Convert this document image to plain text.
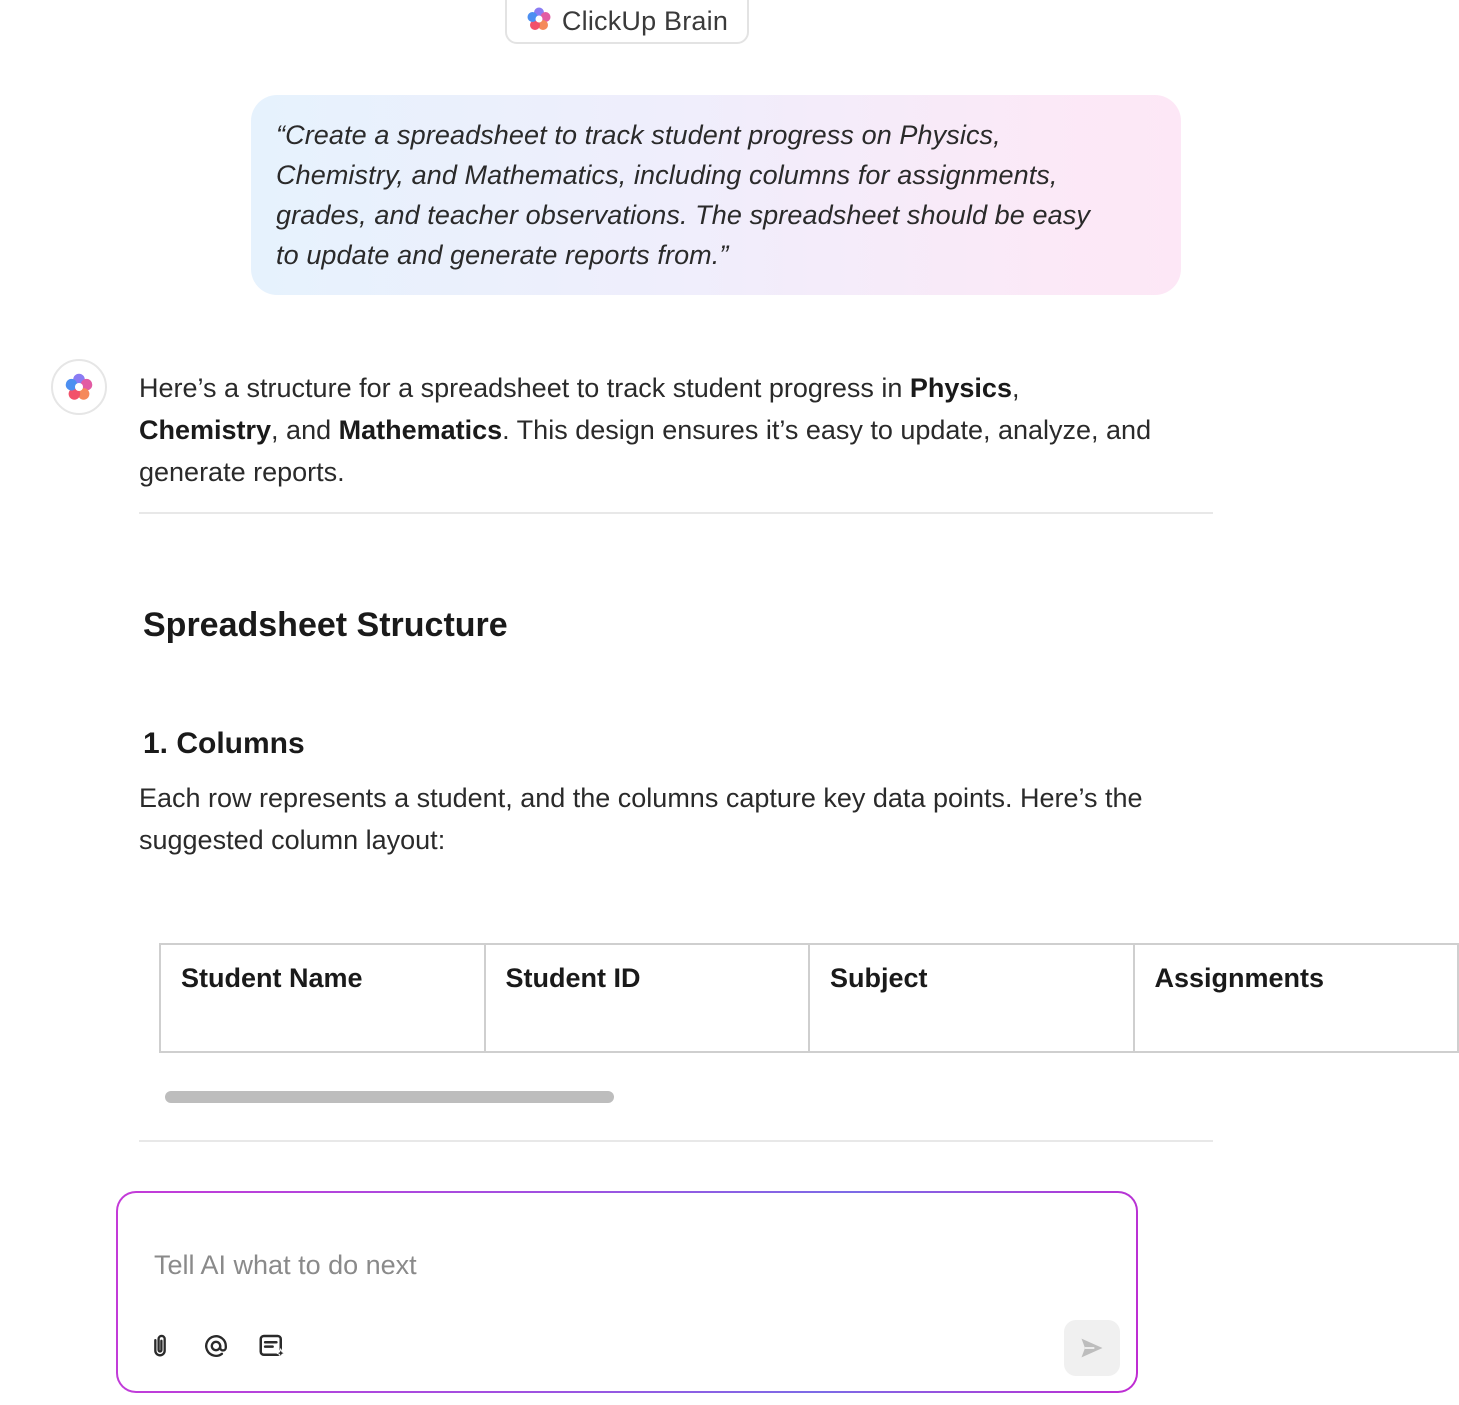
ClickUp Brain

“Create a spreadsheet to track student progress on Physics,

Chemistry, and Mathematics, including columns for assignments,

grades, and teacher observations. The spreadsheet should be easy

to update and generate reports from.”

Here’s a structure for a spreadsheet to track student progress in Physics,
Chemistry, and Mathematics. This design ensures it’s easy to update, analyze, and
generate reports.
Spreadsheet Structure
1. Columns
Each row represents a student, and the columns capture key data points. Here’s the
suggested column layout:
Student Name	Student ID	Subject	Assignments
Tell AI what to do next
